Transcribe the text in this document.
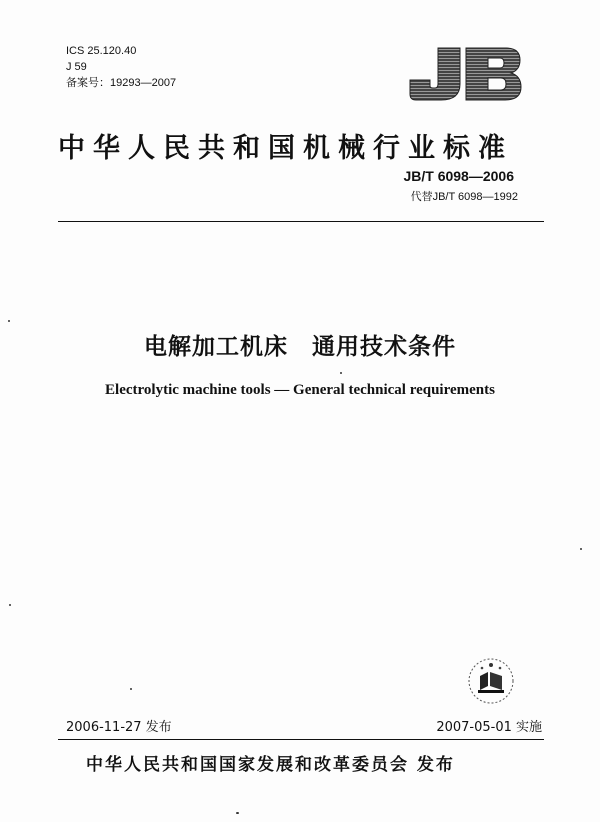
ICS 25.120.40
J 59
备案号：19293—2007
中华人民共和国机械行业标准
JB/T 6098—2006
代替JB/T 6098—1992
电解加工机床　通用技术条件
Electrolytic machine tools — General technical requirements
2006-11-27 发布	2007-05-01 实施
中华人民共和国国家发展和改革委员会 发布
